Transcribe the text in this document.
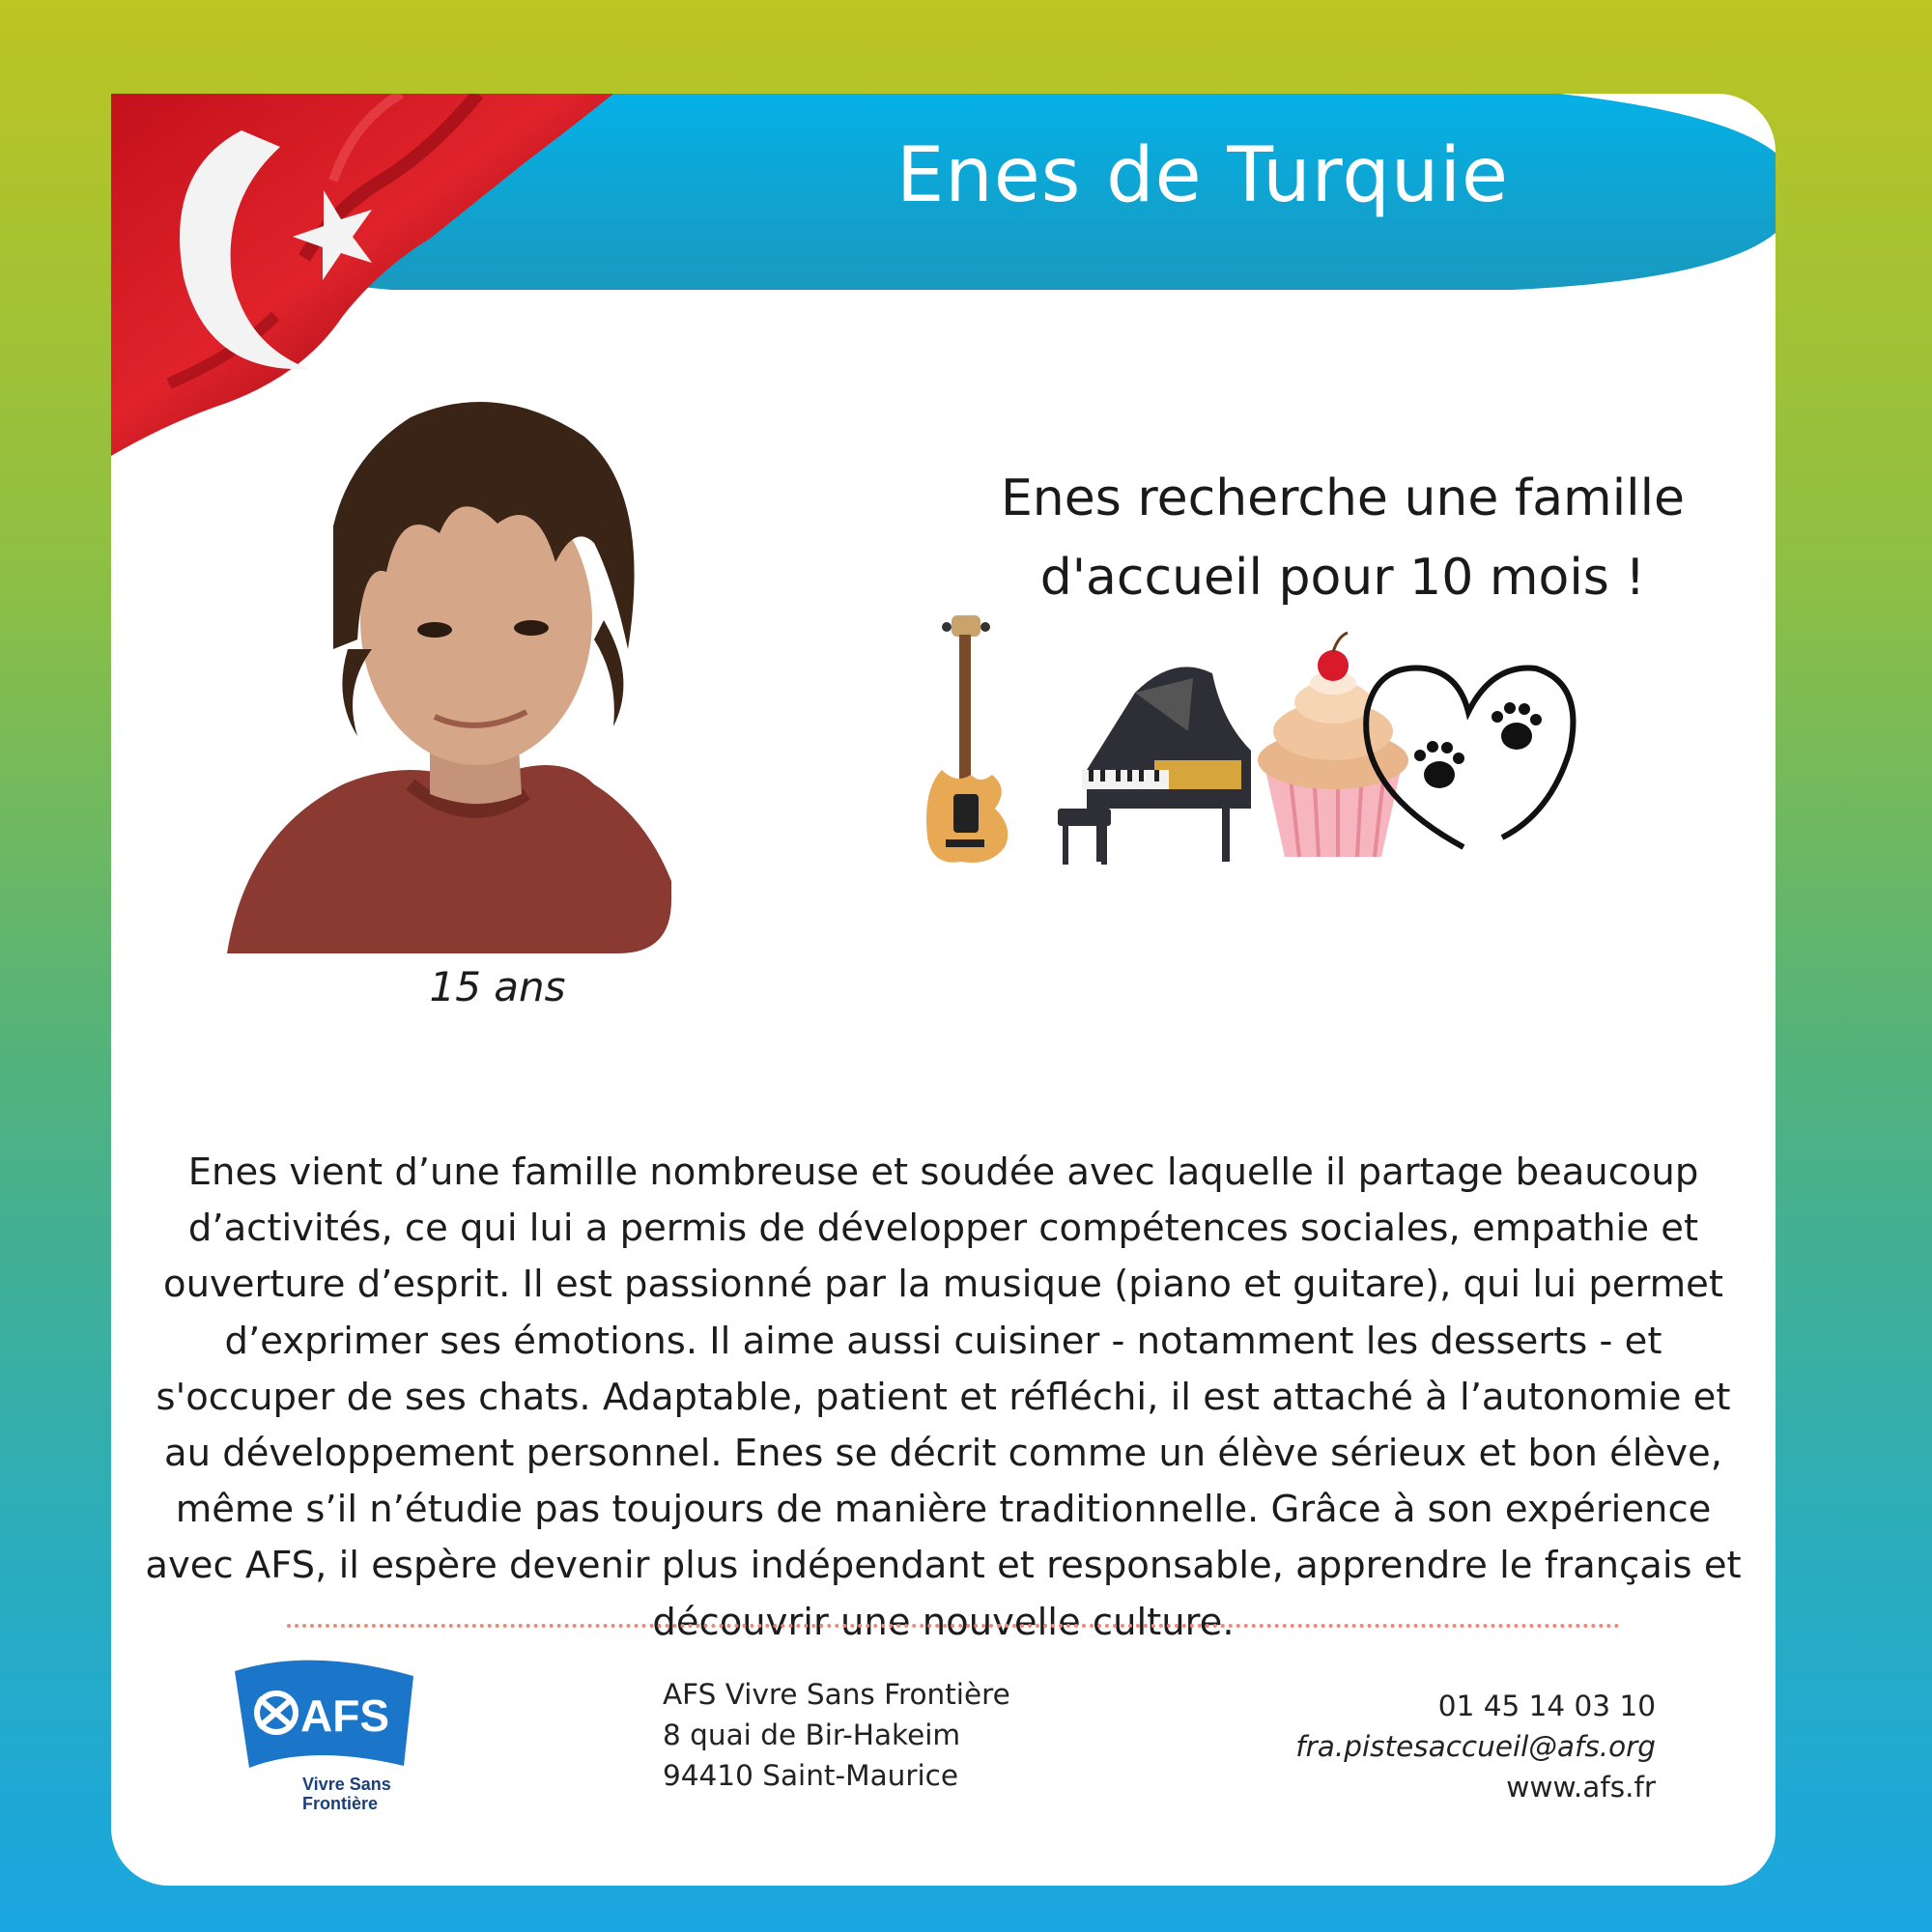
Enes de Turquie
15 ans
Enes recherche une famille
d'accueil pour 10 mois !
Enes vient d’une famille nombreuse et soudée avec laquelle il partage beaucoup d’activités, ce qui lui a permis de développer compétences sociales, empathie et ouverture d’esprit. Il est passionné par la musique (piano et guitare), qui lui permet d’exprimer ses émotions. Il aime aussi cuisiner - notamment les desserts - et s'occuper de ses chats. Adaptable, patient et réfléchi, il est attaché à l’autonomie et au développement personnel. Enes se décrit comme un élève sérieux et bon élève, même s’il n’étudie pas toujours de manière traditionnelle. Grâce à son expérience avec AFS, il espère devenir plus indépendant et responsable, apprendre le français et découvrir une nouvelle culture.
AFS
Vivre Sans
Frontière
AFS Vivre Sans Frontière
8 quai de Bir-Hakeim
94410 Saint-Maurice
01 45 14 03 10
fra.pistesaccueil@afs.org
www.afs.fr
